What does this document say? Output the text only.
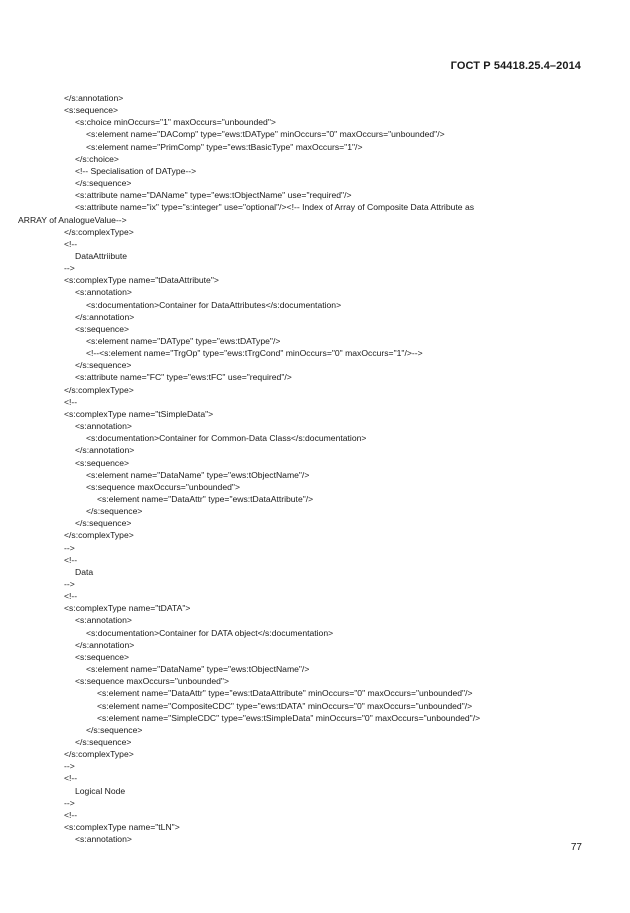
ГОСТ Р 54418.25.4–2014
</s:annotation>
<s:sequence>
<s:choice minOccurs="1" maxOccurs="unbounded">
<s:element name="DAComp" type="ews:tDAType" minOccurs="0" maxOccurs="unbounded"/>
<s:element name="PrimComp" type="ews:tBasicType" maxOccurs="1"/>
</s:choice>
<!-- Specialisation of DAType-->
</s:sequence>
<s:attribute name="DAName" type="ews:tObjectName" use="required"/>
<s:attribute name="ix" type="s:integer" use="optional"/><!-- Index of Array of Composite Data Attribute as
ARRAY of AnalogueValue-->
</s:complexType>
<!--
DataAttriibute
-->
<s:complexType name="tDataAttribute">
<s:annotation>
<s:documentation>Container for DataAttributes</s:documentation>
</s:annotation>
<s:sequence>
<s:element name="DAType" type="ews:tDAType"/>
<!--<s:element name="TrgOp" type="ews:tTrgCond" minOccurs="0" maxOccurs="1"/>-->
</s:sequence>
<s:attribute name="FC" type="ews:tFC" use="required"/>
</s:complexType>
<!--
<s:complexType name="tSimpleData">
<s:annotation>
<s:documentation>Container for Common-Data Class</s:documentation>
</s:annotation>
<s:sequence>
<s:element name="DataName" type="ews:tObjectName"/>
<s:sequence maxOccurs="unbounded">
<s:element name="DataAttr" type="ews:tDataAttribute"/>
</s:sequence>
</s:sequence>
</s:complexType>
-->
<!--
Data
-->
<!--
<s:complexType name="tDATA">
<s:annotation>
<s:documentation>Container for DATA object</s:documentation>
</s:annotation>
<s:sequence>
<s:element name="DataName" type="ews:tObjectName"/>
<s:sequence maxOccurs="unbounded">
<s:element name="DataAttr" type="ews:tDataAttribute" minOccurs="0" maxOccurs="unbounded"/>
<s:element name="CompositeCDC" type="ews:tDATA" minOccurs="0" maxOccurs="unbounded"/>
<s:element name="SimpleCDC" type="ews:tSimpleData" minOccurs="0" maxOccurs="unbounded"/>
</s:sequence>
</s:sequence>
</s:complexType>
-->
<!--
Logical Node
-->
<!--
<s:complexType name="tLN">
<s:annotation>
77
